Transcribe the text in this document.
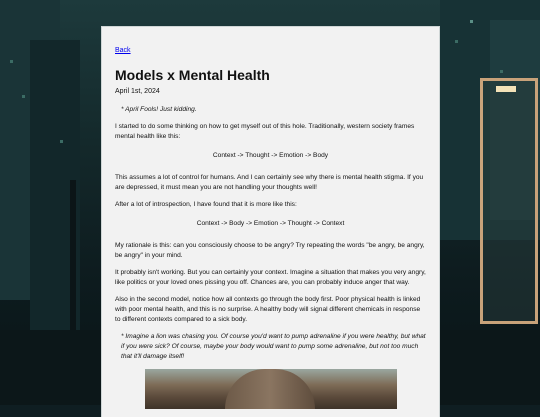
Back
Models x Mental Health
April 1st, 2024

* April Fools! Just kidding.

I started to do some thinking on how to get myself out of this hole. Traditionally, western society frames mental health like this:

Context -> Thought -> Emotion -> Body

This assumes a lot of control for humans. And I can certainly see why there is mental health stigma. If you are depressed, it must mean you are not handling your thoughts well!

After a lot of introspection, I have found that it is more like this:

Context -> Body -> Emotion -> Thought -> Context

My rationale is this: can you consciously choose to be angry? Try repeating the words "be angry, be angry, be angry" in your mind.

It probably isn't working. But you can certainly your context. Imagine a situation that makes you very angry, like politics or your loved ones pissing you off. Chances are, you can probably induce anger that way.

Also in the second model, notice how all contexts go through the body first. Poor physical health is linked with poor mental health, and this is no surprise. A healthy body will signal different chemicals in response to different contexts compared to a sick body.

* Imagine a lion was chasing you. Of course you'd want to pump adrenaline if you were healthy, but what if you were sick? Of course, maybe your body would want to pump some adrenaline, but not too much that it'll damage itself!
